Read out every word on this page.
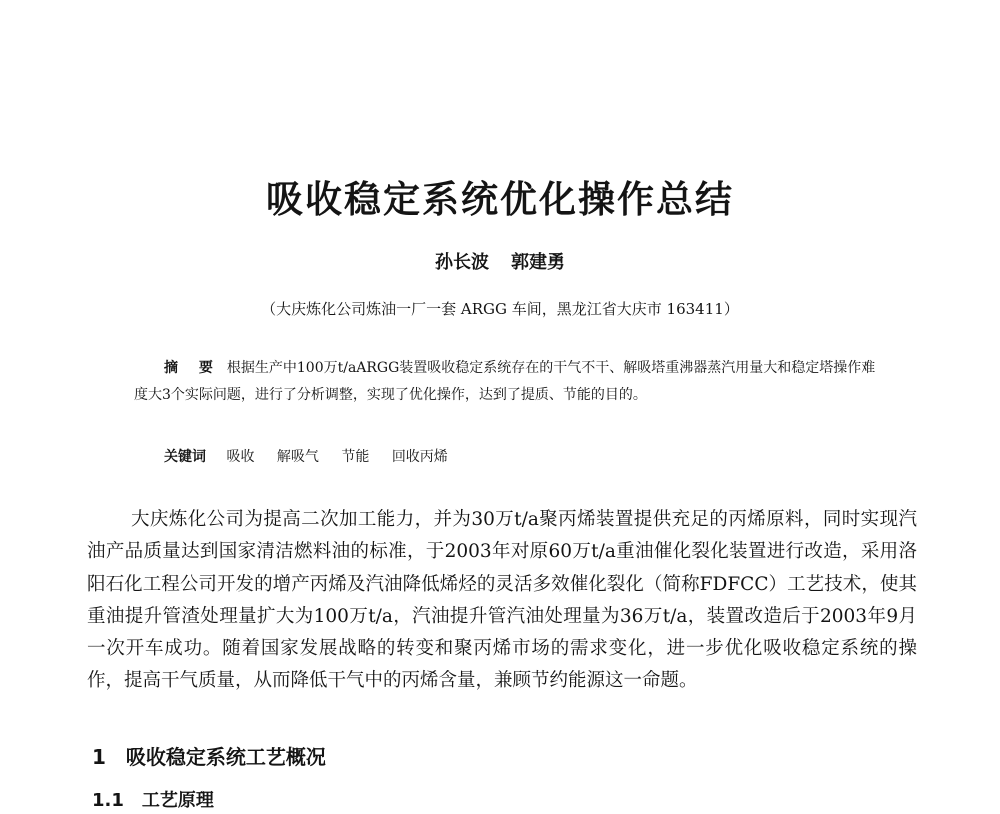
吸收稳定系统优化操作总结
孙长波 郭建勇
（大庆炼化公司炼油一厂一套 ARGG 车间，黑龙江省大庆市 163411）
摘 要 根据生产中100万t/aARGG装置吸收稳定系统存在的干气不干、解吸塔重沸器蒸汽用量大和稳定塔操作难度大3个实际问题，进行了分析调整，实现了优化操作，达到了提质、节能的目的。
关键词 吸收 解吸气 节能 回收丙烯
大庆炼化公司为提高二次加工能力，并为30万t/a聚丙烯装置提供充足的丙烯原料，同时实现汽油产品质量达到国家清洁燃料油的标准，于2003年对原60万t/a重油催化裂化装置进行改造，采用洛阳石化工程公司开发的增产丙烯及汽油降低烯烃的灵活多效催化裂化（简称FDFCC）工艺技术，使其重油提升管渣处理量扩大为100万t/a，汽油提升管汽油处理量为36万t/a，装置改造后于2003年9月一次开车成功。随着国家发展战略的转变和聚丙烯市场的需求变化，进一步优化吸收稳定系统的操作，提高干气质量，从而降低干气中的丙烯含量，兼顾节约能源这一命题。
1 吸收稳定系统工艺概况
1.1 工艺原理
